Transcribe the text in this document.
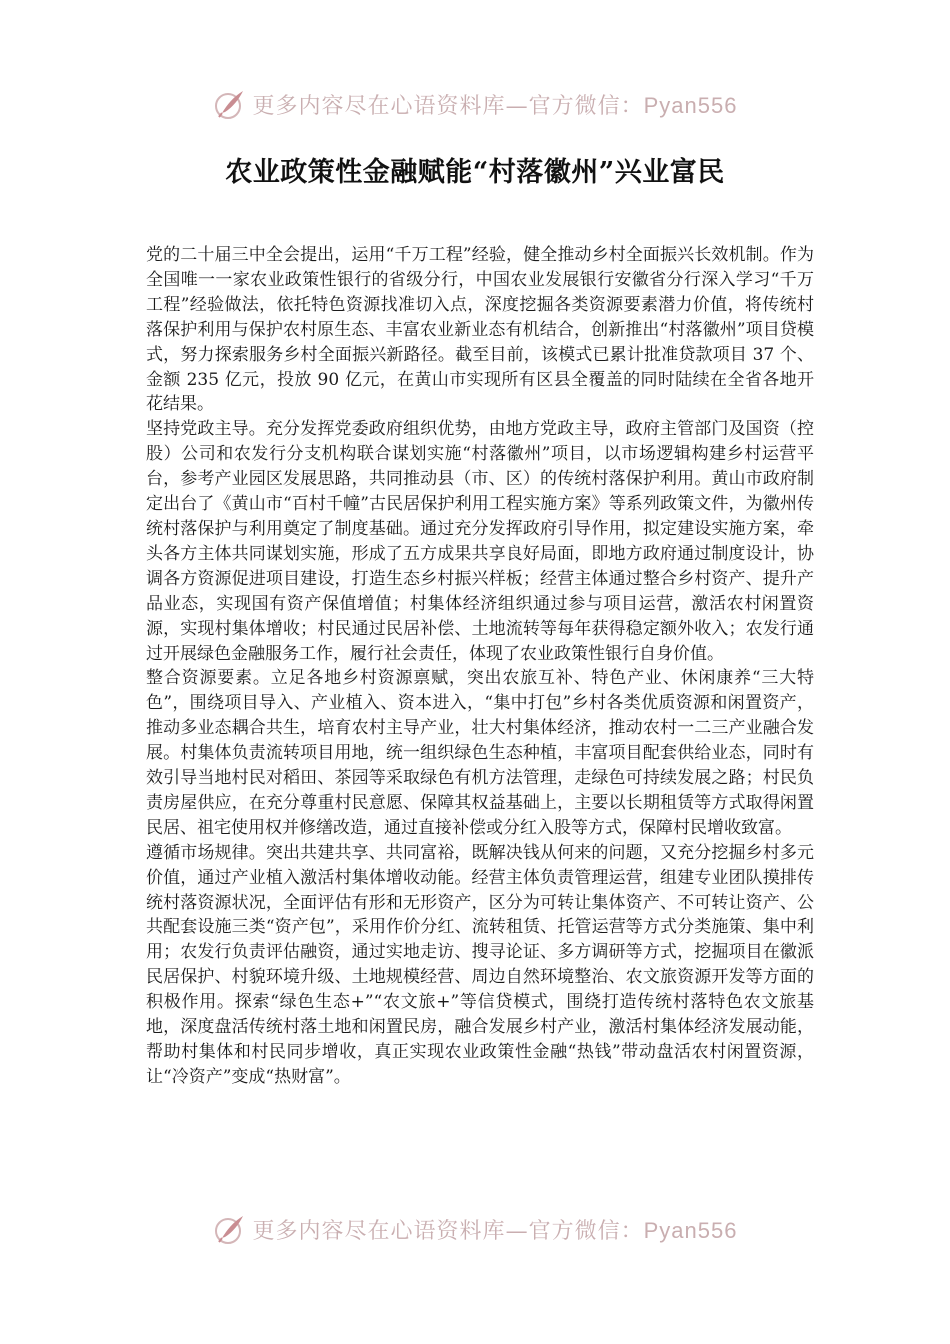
更多内容尽在心语资料库—官方微信：Pyan556
农业政策性金融赋能“村落徽州”兴业富民

党的二十届三中全会提出，运用“千万工程”经验，健全推动乡村全面振兴长效机制。作为全国唯一一家农业政策性银行的省级分行，中国农业发展银行安徽省分行深入学习“千万工程”经验做法，依托特色资源找准切入点，深度挖掘各类资源要素潜力价值，将传统村落保护利用与保护农村原生态、丰富农业新业态有机结合，创新推出“村落徽州”项目贷模式，努力探索服务乡村全面振兴新路径。截至目前，该模式已累计批准贷款项目 37 个、金额 235 亿元，投放 90 亿元，在黄山市实现所有区县全覆盖的同时陆续在全省各地开花结果。

坚持党政主导。充分发挥党委政府组织优势，由地方党政主导，政府主管部门及国资（控股）公司和农发行分支机构联合谋划实施“村落徽州”项目，以市场逻辑构建乡村运营平台，参考产业园区发展思路，共同推动县（市、区）的传统村落保护利用。黄山市政府制定出台了《黄山市“百村千幢”古民居保护利用工程实施方案》等系列政策文件，为徽州传统村落保护与利用奠定了制度基础。通过充分发挥政府引导作用，拟定建设实施方案，牵头各方主体共同谋划实施，形成了五方成果共享良好局面，即地方政府通过制度设计，协调各方资源促进项目建设，打造生态乡村振兴样板；经营主体通过整合乡村资产、提升产品业态，实现国有资产保值增值；村集体经济组织通过参与项目运营，激活农村闲置资源，实现村集体增收；村民通过民居补偿、土地流转等每年获得稳定额外收入；农发行通过开展绿色金融服务工作，履行社会责任，体现了农业政策性银行自身价值。

整合资源要素。立足各地乡村资源禀赋，突出农旅互补、特色产业、休闲康养“三大特色”，围绕项目导入、产业植入、资本进入，“集中打包”乡村各类优质资源和闲置资产，推动多业态耦合共生，培育农村主导产业，壮大村集体经济，推动农村一二三产业融合发展。村集体负责流转项目用地，统一组织绿色生态种植，丰富项目配套供给业态，同时有效引导当地村民对稻田、茶园等采取绿色有机方法管理，走绿色可持续发展之路；村民负责房屋供应，在充分尊重村民意愿、保障其权益基础上，主要以长期租赁等方式取得闲置民居、祖宅使用权并修缮改造，通过直接补偿或分红入股等方式，保障村民增收致富。

遵循市场规律。突出共建共享、共同富裕，既解决钱从何来的问题，又充分挖掘乡村多元价值，通过产业植入激活村集体增收动能。经营主体负责管理运营，组建专业团队摸排传统村落资源状况，全面评估有形和无形资产，区分为可转让集体资产、不可转让资产、公共配套设施三类“资产包”，采用作价分红、流转租赁、托管运营等方式分类施策、集中利用；农发行负责评估融资，通过实地走访、搜寻论证、多方调研等方式，挖掘项目在徽派民居保护、村貌环境升级、土地规模经营、周边自然环境整治、农文旅资源开发等方面的积极作用。探索“绿色生态+”“农文旅+”等信贷模式，围绕打造传统村落特色农文旅基地，深度盘活传统村落土地和闲置民房，融合发展乡村产业，激活村集体经济发展动能，帮助村集体和村民同步增收，真正实现农业政策性金融“热钱”带动盘活农村闲置资源，让“冷资产”变成“热财富”。

更多内容尽在心语资料库—官方微信：Pyan556
